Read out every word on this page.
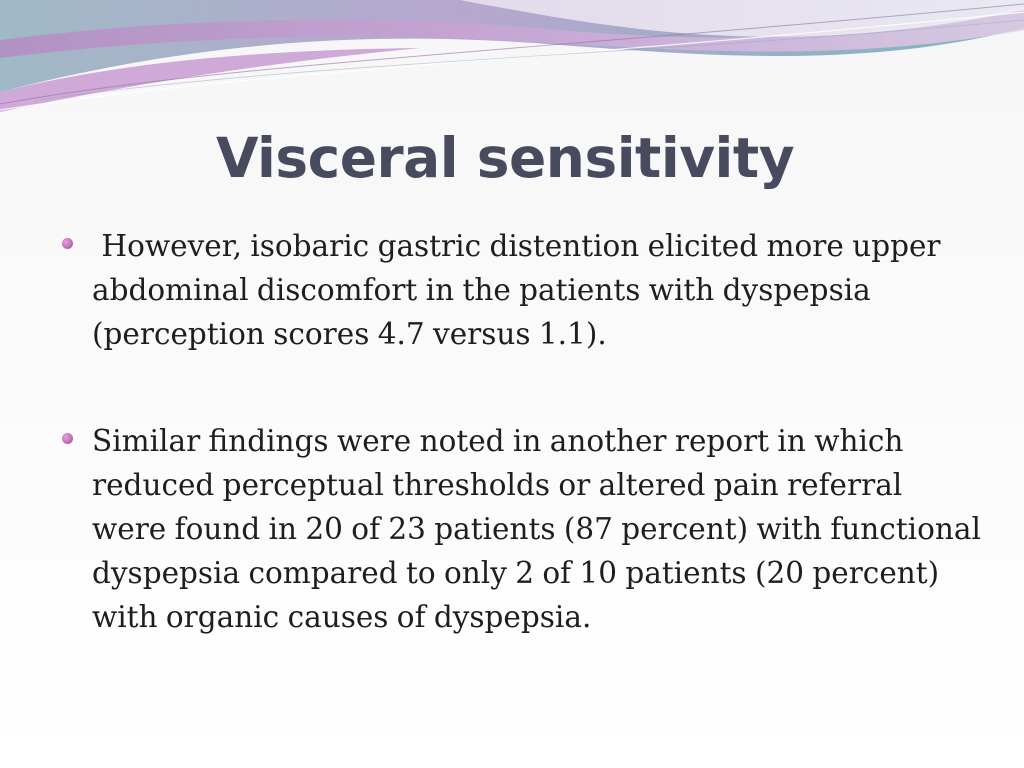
Visceral sensitivity
However, isobaric gastric distention elicited more upper abdominal discomfort in the patients with dyspepsia (perception scores 4.7 versus 1.1).
Similar findings were noted in another report in which reduced perceptual thresholds or altered pain referral were found in 20 of 23 patients (87 percent) with functional dyspepsia compared to only 2 of 10 patients (20 percent) with organic causes of dyspepsia.
